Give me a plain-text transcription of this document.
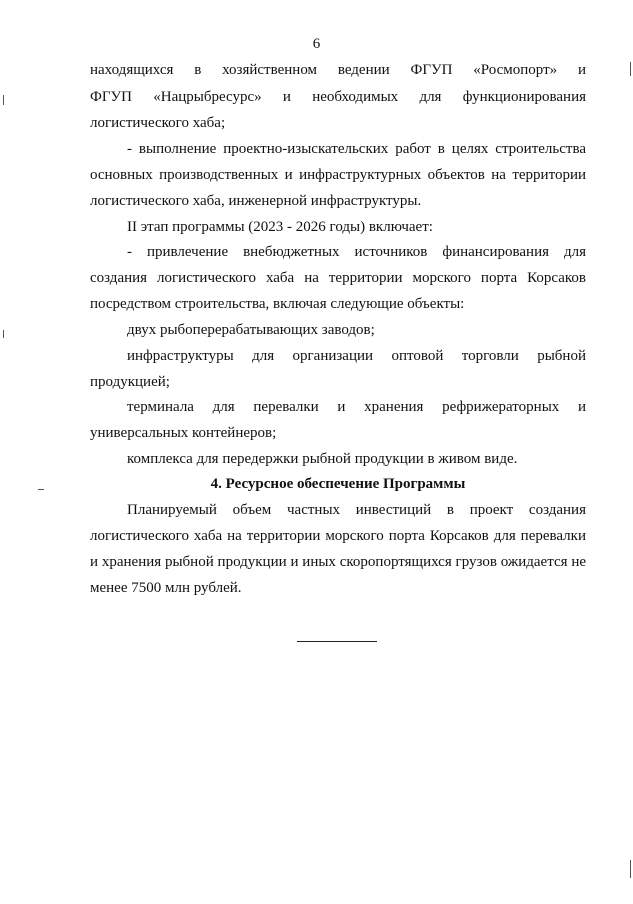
6
находящихся в хозяйственном ведении ФГУП «Росмопорт» и
ФГУП «Нацрыбресурс» и необходимых для функционирования
логистического хаба;
- выполнение проектно-изыскательских работ в целях строительства
основных производственных и инфраструктурных объектов на территории
логистического хаба, инженерной инфраструктуры.
II этап программы (2023 - 2026 годы) включает:
- привлечение внебюджетных источников финансирования для
создания логистического хаба на территории морского порта Корсаков
посредством строительства, включая следующие объекты:
двух рыбоперерабатывающих заводов;
инфраструктуры для организации оптовой торговли рыбной
продукцией;
терминала для перевалки и хранения рефрижераторных и
универсальных контейнеров;
комплекса для передержки рыбной продукции в живом виде.
4. Ресурсное обеспечение Программы
Планируемый объем частных инвестиций в проект создания
логистического хаба на территории морского порта Корсаков для перевалки
и хранения рыбной продукции и иных скоропортящихся грузов ожидается не
менее 7500 млн рублей.
